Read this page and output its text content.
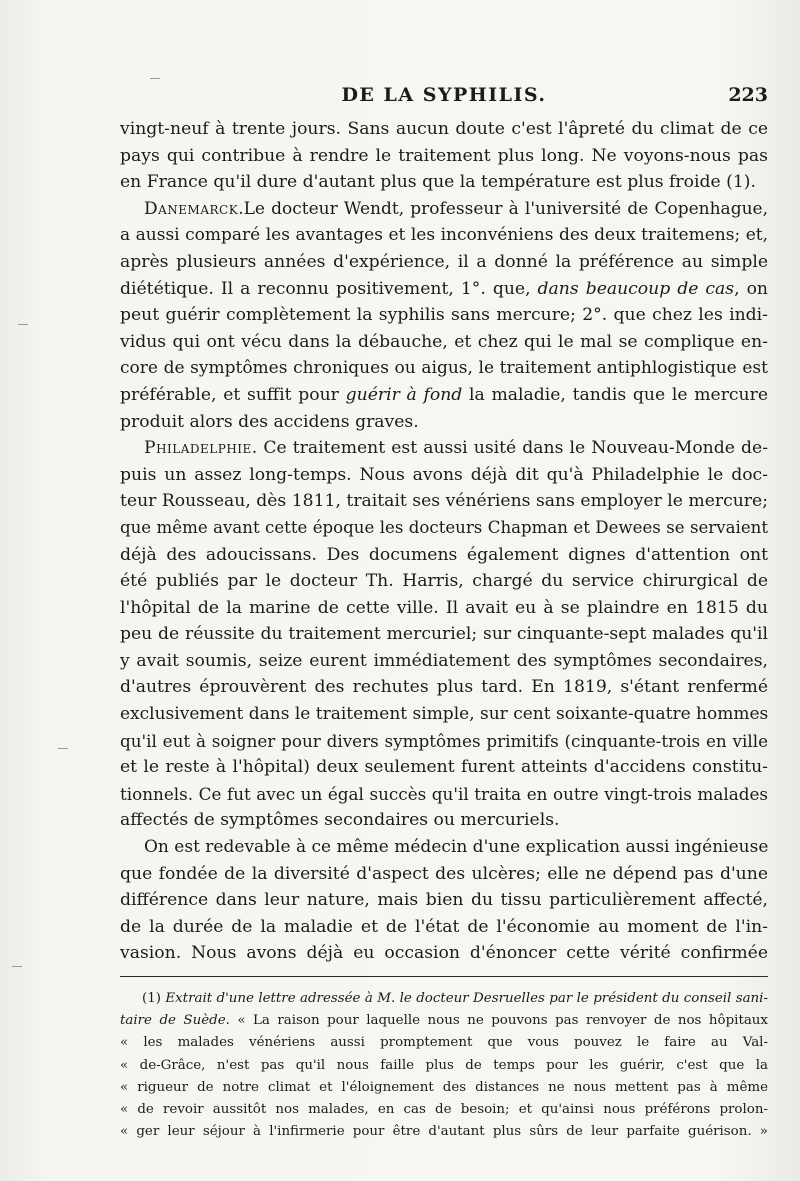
DE LA SYPHILIS.	223
vingt-neuf à trente jours. Sans aucun doute c'est l'âpreté du climat de ce
pays qui contribue à rendre le traitement plus long. Ne voyons-nous pas
en France qu'il dure d'autant plus que la température est plus froide (1).
Danemarck.Le docteur Wendt, professeur à l'université de Copenhague,
a aussi comparé les avantages et les inconvéniens des deux traitemens; et,
après plusieurs années d'expérience, il a donné la préférence au simple
diététique. Il a reconnu positivement, 1°. que, dans beaucoup de cas, on
peut guérir complètement la syphilis sans mercure; 2°. que chez les indi-
vidus qui ont vécu dans la débauche, et chez qui le mal se complique en-
core de symptômes chroniques ou aigus, le traitement antiphlogistique est
préférable, et suffit pour guérir à fond la maladie, tandis que le mercure
produit alors des accidens graves.
Philadelphie. Ce traitement est aussi usité dans le Nouveau-Monde de-
puis un assez long-temps. Nous avons déjà dit qu'à Philadelphie le doc-
teur Rousseau, dès 1811, traitait ses vénériens sans employer le mercure;
que même avant cette époque les docteurs Chapman et Dewees se servaient
déjà des adoucissans. Des documens également dignes d'attention ont
été publiés par le docteur Th. Harris, chargé du service chirurgical de
l'hôpital de la marine de cette ville. Il avait eu à se plaindre en 1815 du
peu de réussite du traitement mercuriel; sur cinquante-sept malades qu'il
y avait soumis, seize eurent immédiatement des symptômes secondaires,
d'autres éprouvèrent des rechutes plus tard. En 1819, s'étant renfermé
exclusivement dans le traitement simple, sur cent soixante-quatre hommes
qu'il eut à soigner pour divers symptômes primitifs (cinquante-trois en ville
et le reste à l'hôpital) deux seulement furent atteints d'accidens constitu-
tionnels. Ce fut avec un égal succès qu'il traita en outre vingt-trois malades
affectés de symptômes secondaires ou mercuriels.
On est redevable à ce même médecin d'une explication aussi ingénieuse
que fondée de la diversité d'aspect des ulcères; elle ne dépend pas d'une
différence dans leur nature, mais bien du tissu particulièrement affecté,
de la durée de la maladie et de l'état de l'économie au moment de l'in-
vasion. Nous avons déjà eu occasion d'énoncer cette vérité confirmée
(1) Extrait d'une lettre adressée à M. le docteur Desruelles par le président du conseil sani-
taire de Suède. « La raison pour laquelle nous ne pouvons pas renvoyer de nos hôpitaux
« les malades vénériens aussi promptement que vous pouvez le faire au Val-
« de-Grâce, n'est pas qu'il nous faille plus de temps pour les guérir, c'est que la
« rigueur de notre climat et l'éloignement des distances ne nous mettent pas à même
« de revoir aussitôt nos malades, en cas de besoin; et qu'ainsi nous préférons prolon-
« ger leur séjour à l'infirmerie pour être d'autant plus sûrs de leur parfaite guérison. »
